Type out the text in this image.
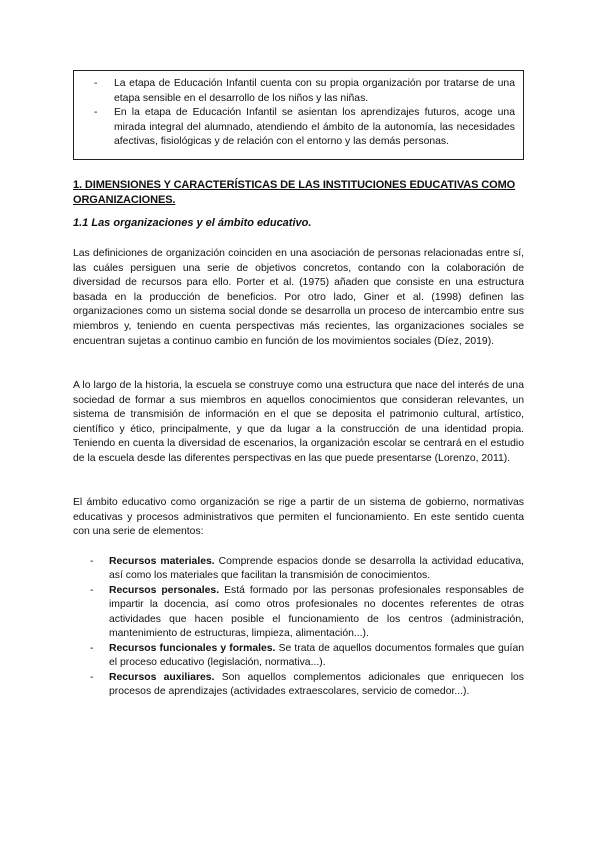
- La etapa de Educación Infantil cuenta con su propia organización por tratarse de una etapa sensible en el desarrollo de los niños y las niñas.
- En la etapa de Educación Infantil se asientan los aprendizajes futuros, acoge una mirada integral del alumnado, atendiendo el ámbito de la autonomía, las necesidades afectivas, fisiológicas y de relación con el entorno y las demás personas.
1. DIMENSIONES Y CARACTERÍSTICAS DE LAS INSTITUCIONES EDUCATIVAS COMO ORGANIZACIONES.
1.1 Las organizaciones y el ámbito educativo.

Las definiciones de organización coinciden en una asociación de personas relacionadas entre sí, las cuáles persiguen una serie de objetivos concretos, contando con la colaboración de diversidad de recursos para ello. Porter et al. (1975) añaden que consiste en una estructura basada en la producción de beneficios. Por otro lado, Giner et al. (1998) definen las organizaciones como un sistema social donde se desarrolla un proceso de intercambio entre sus miembros y, teniendo en cuenta perspectivas más recientes, las organizaciones sociales se encuentran sujetas a continuo cambio en función de los movimientos sociales (Díez, 2019).

A lo largo de la historia, la escuela se construye como una estructura que nace del interés de una sociedad de formar a sus miembros en aquellos conocimientos que consideran relevantes, un sistema de transmisión de información en el que se deposita el patrimonio cultural, artístico, científico y ético, principalmente, y que da lugar a la construcción de una identidad propia. Teniendo en cuenta la diversidad de escenarios, la organización escolar se centrará en el estudio de la escuela desde las diferentes perspectivas en las que puede presentarse (Lorenzo, 2011).

El ámbito educativo como organización se rige a partir de un sistema de gobierno, normativas educativas y procesos administrativos que permiten el funcionamiento. En este sentido cuenta con una serie de elementos:

- Recursos materiales. Comprende espacios donde se desarrolla la actividad educativa, así como los materiales que facilitan la transmisión de conocimientos.
- Recursos personales. Está formado por las personas profesionales responsables de impartir la docencia, así como otros profesionales no docentes referentes de otras actividades que hacen posible el funcionamiento de los centros (administración, mantenimiento de estructuras, limpieza, alimentación...).
- Recursos funcionales y formales. Se trata de aquellos documentos formales que guían el proceso educativo (legislación, normativa...).
- Recursos auxiliares. Son aquellos complementos adicionales que enriquecen los procesos de aprendizajes (actividades extraescolares, servicio de comedor...).
